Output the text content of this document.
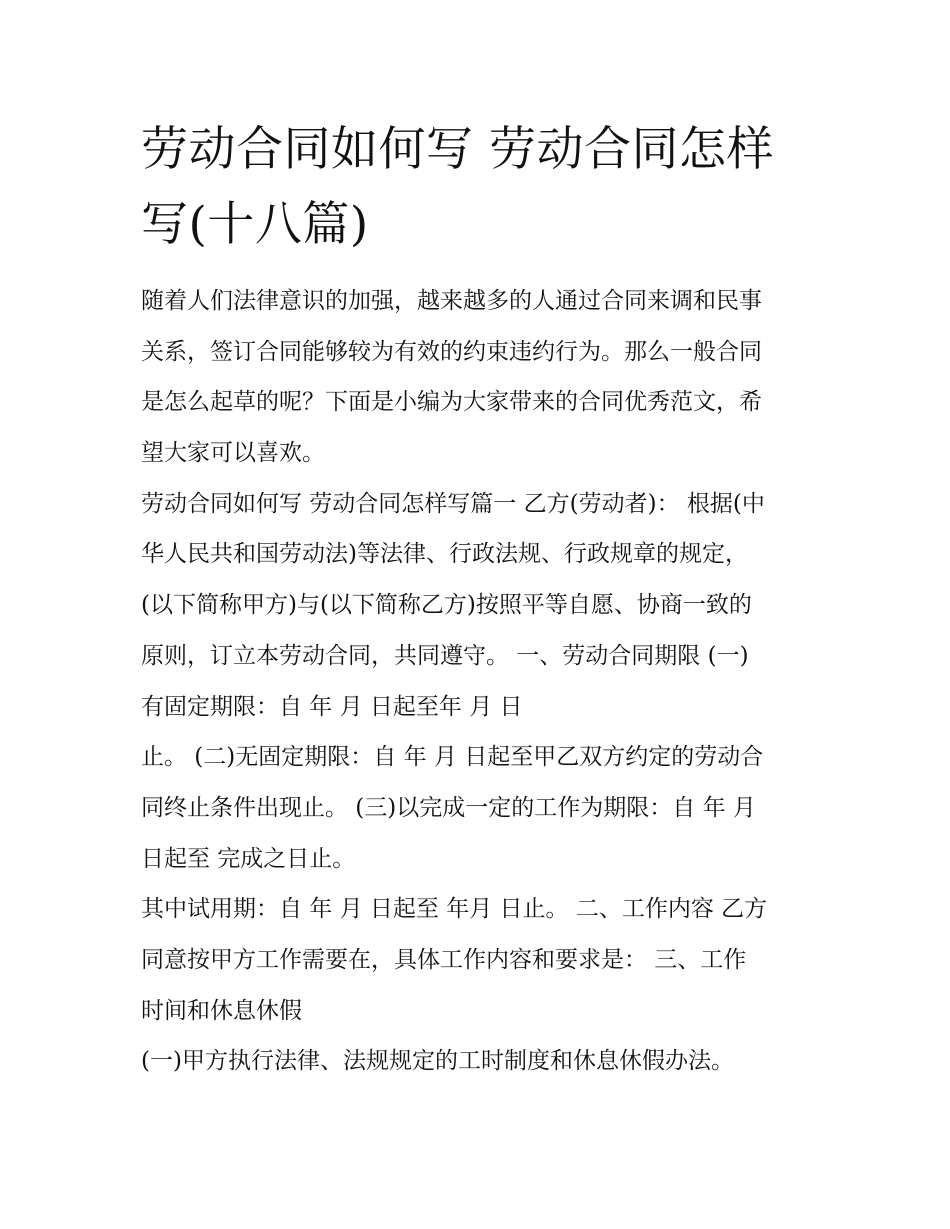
劳动合同如何写 劳动合同怎样
写(十八篇)
随着人们法律意识的加强，越来越多的人通过合同来调和民事
关系，签订合同能够较为有效的约束违约行为。那么一般合同
是怎么起草的呢？下面是小编为大家带来的合同优秀范文，希
望大家可以喜欢。
劳动合同如何写 劳动合同怎样写篇一 乙方(劳动者)： 根据(中
华人民共和国劳动法)等法律、行政法规、行政规章的规定，
(以下简称甲方)与(以下简称乙方)按照平等自愿、协商一致的
原则，订立本劳动合同，共同遵守。 一、劳动合同期限 (一)
有固定期限：自 年 月 日起至年 月 日
止。 (二)无固定期限：自 年 月 日起至甲乙双方约定的劳动合
同终止条件出现止。 (三)以完成一定的工作为期限：自 年 月
日起至 完成之日止。
其中试用期：自 年 月 日起至 年月 日止。 二、工作内容 乙方
同意按甲方工作需要在，具体工作内容和要求是： 三、工作
时间和休息休假
(一)甲方执行法律、法规规定的工时制度和休息休假办法。
